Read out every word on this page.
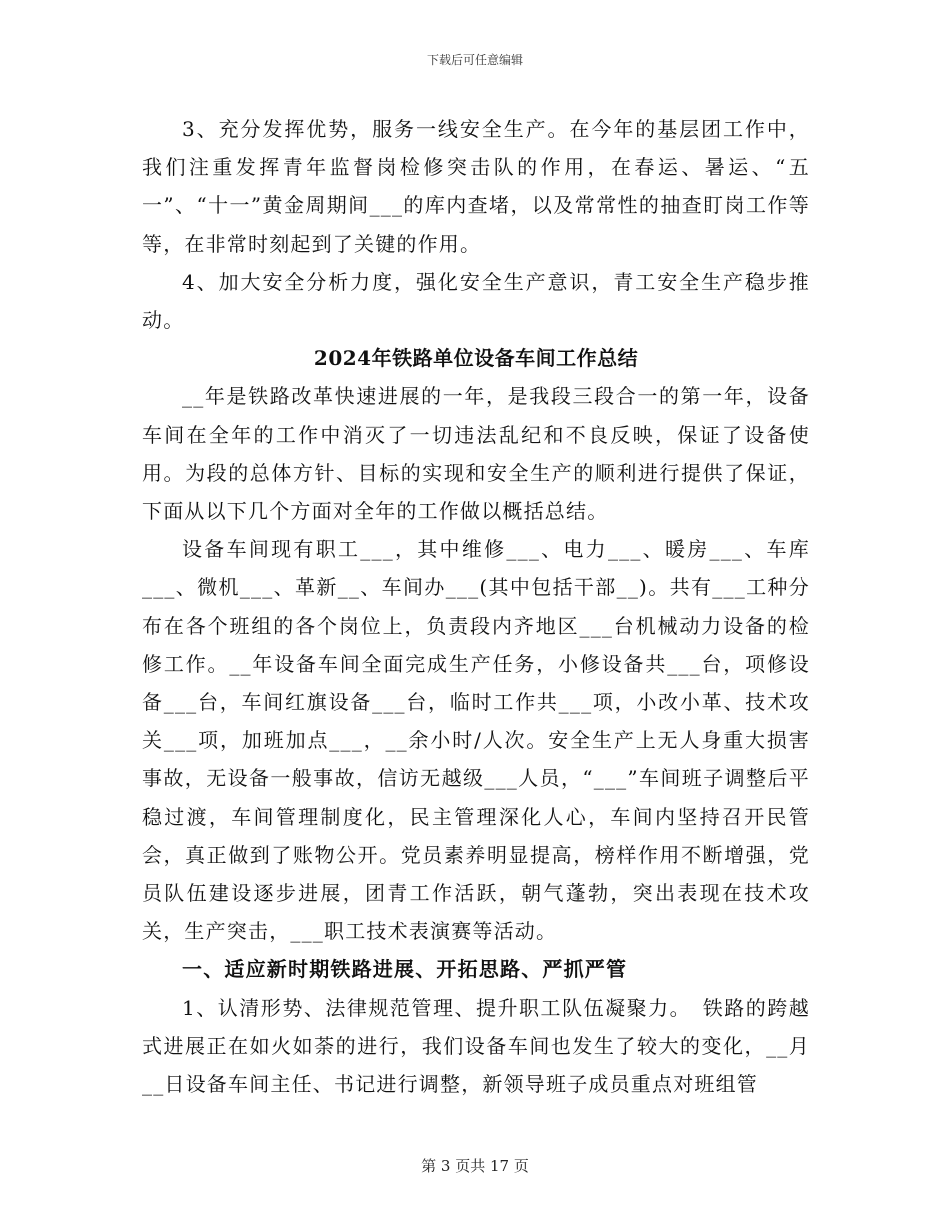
下载后可任意编辑

3、充分发挥优势，服务一线安全生产。在今年的基层团工作中，我们注重发挥青年监督岗检修突击队的作用，在春运、暑运、“五一”、“十一”黄金周期间___的库内查堵，以及常常性的抽查盯岗工作等等，在非常时刻起到了关键的作用。

4、加大安全分析力度，强化安全生产意识，青工安全生产稳步推动。

2024年铁路单位设备车间工作总结

__年是铁路改革快速进展的一年，是我段三段合一的第一年，设备车间在全年的工作中消灭了一切违法乱纪和不良反映，保证了设备使用。为段的总体方针、目标的实现和安全生产的顺利进行提供了保证，下面从以下几个方面对全年的工作做以概括总结。

设备车间现有职工___，其中维修___、电力___、暖房___、车库___、微机___、革新__、车间办___(其中包括干部__)。共有___工种分布在各个班组的各个岗位上，负责段内齐地区___台机械动力设备的检修工作。__年设备车间全面完成生产任务，小修设备共___台，项修设备___台，车间红旗设备___台，临时工作共___项，小改小革、技术攻关___项，加班加点___，__余小时/人次。安全生产上无人身重大损害事故，无设备一般事故，信访无越级___人员，“___”车间班子调整后平稳过渡，车间管理制度化，民主管理深化人心，车间内坚持召开民管会，真正做到了账物公开。党员素养明显提高，榜样作用不断增强，党员队伍建设逐步进展，团青工作活跃，朝气蓬勃，突出表现在技术攻关，生产突击，___职工技术表演赛等活动。

一、适应新时期铁路进展、开拓思路、严抓严管

1、认清形势、法律规范管理、提升职工队伍凝聚力。　铁路的跨越式进展正在如火如荼的进行，我们设备车间也发生了较大的变化，__月__日设备车间主任、书记进行调整，新领导班子成员重点对班组管

第 3 页共 17 页
